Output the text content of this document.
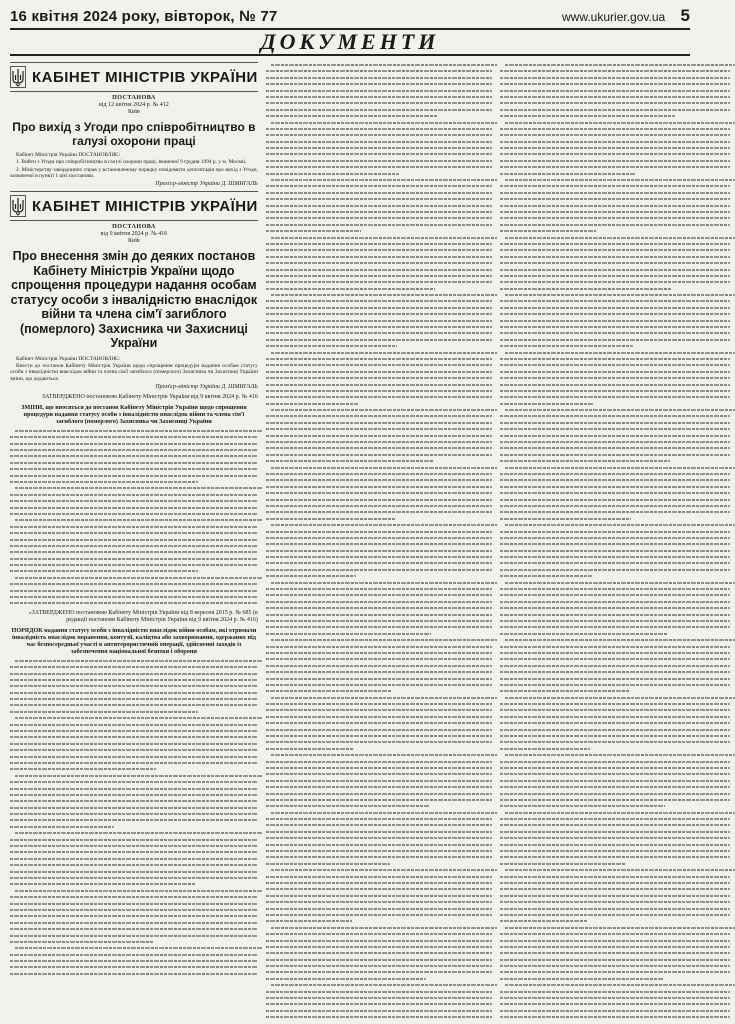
16 квітня 2024 року, вівторок, № 77	www.ukurier.gov.ua 5
ДОКУМЕНТИ
КАБІНЕТ МІНІСТРІВ УКРАЇНИ
ПОСТАНОВА
від 12 квітня 2024 р. № 412
Київ
Про вихід з Угоди про співробітництво в галузі охорони праці

Кабінет Міністрів України ПОСТАНОВЛЯЄ:

1. Вийти з Угоди про співробітництво в галузі охорони праці, вчиненої 9 грудня 1994 р. у м. Москві.

2. Міністерству закордонних справ у встановленому порядку повідомити депозитарія про вихід з Угоди, зазначеної в пункті 1 цієї постанови.

Прем'єр-міністр України Д. ШМИГАЛЬ
КАБІНЕТ МІНІСТРІВ УКРАЇНИ
ПОСТАНОВА
від 9 квітня 2024 р. № 416
Київ
Про внесення змін до деяких постанов Кабінету Міністрів України щодо спрощення процедури надання особам статусу особи з інвалідністю внаслідок війни та члена сім'ї загиблого (померлого) Захисника чи Захисниці України

Кабінет Міністрів України ПОСТАНОВЛЯЄ:

Внести до постанов Кабінету Міністрів України щодо спрощення процедури надання особам статусу особи з інвалідністю внаслідок війни та члена сім'ї загиблого (померлого) Захисника чи Захисниці України зміни, що додаються.

Прем'єр-міністр України Д. ШМИГАЛЬ
ЗАТВЕРДЖЕНО постановою Кабінету Міністрів України від 9 квітня 2024 р. № 416
ЗМІНИ, що вносяться до постанов Кабінету Міністрів України щодо спрощення процедури надання статусу особи з інвалідністю внаслідок війни та члена сім'ї загиблого (померлого) Захисника чи Захисниці України
«ЗАТВЕРДЖЕНО постановою Кабінету Міністрів України від 8 вересня 2015 р. № 685 (в редакції постанови Кабінету Міністрів України від 9 квітня 2024 р. № 416)
ПОРЯДОК надання статусу особи з інвалідністю внаслідок війни особам, які отримали інвалідність внаслідок поранення, контузії, каліцтва або захворювання, одержаних під час безпосередньої участі в антитерористичній операції, здійсненні заходів із забезпечення національної безпеки і оборони
